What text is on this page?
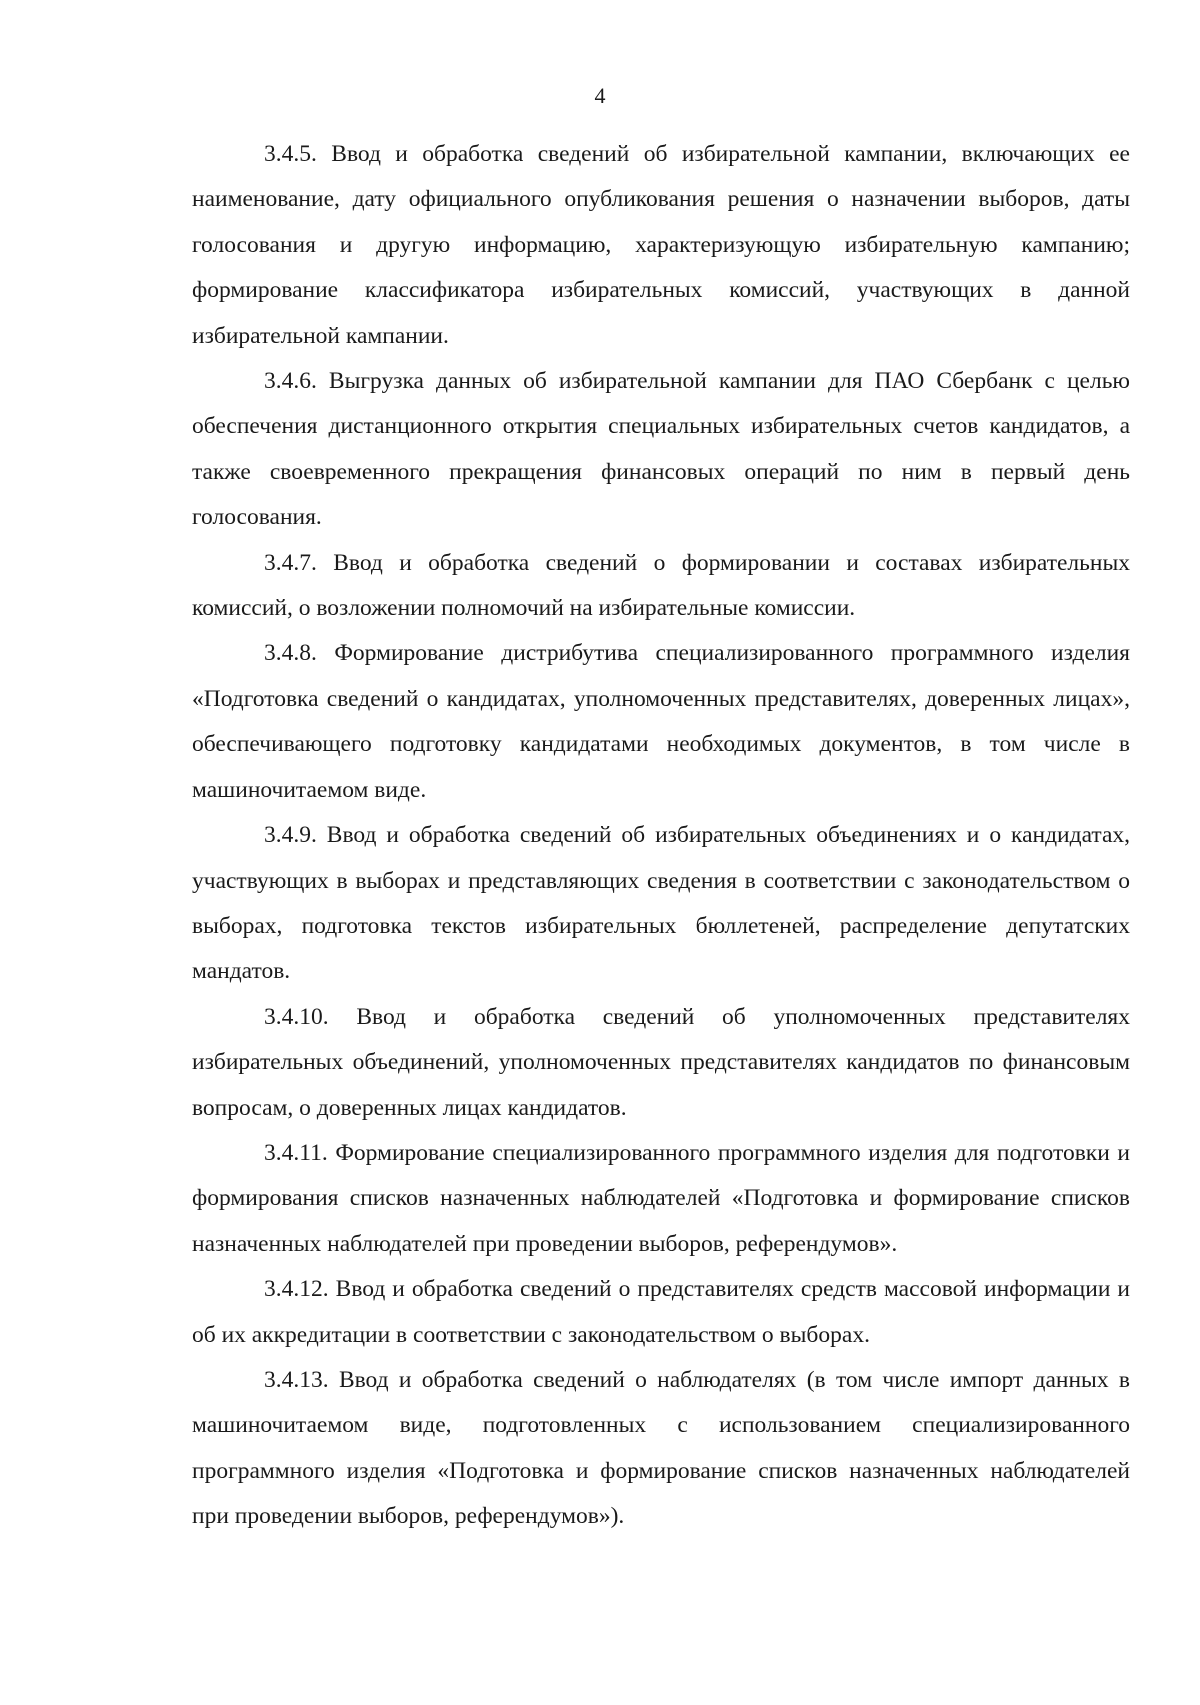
4

3.4.5. Ввод и обработка сведений об избирательной кампании, включающих ее наименование, дату официального опубликования решения о назначении выборов, даты голосования и другую информацию, характеризующую избирательную кампанию; формирование классификатора избирательных комиссий, участвующих в данной избирательной кампании.

3.4.6. Выгрузка данных об избирательной кампании для ПАО Сбербанк с целью обеспечения дистанционного открытия специальных избирательных счетов кандидатов, а также своевременного прекращения финансовых операций по ним в первый день голосования.

3.4.7. Ввод и обработка сведений о формировании и составах избирательных комиссий, о возложении полномочий на избирательные комиссии.

3.4.8. Формирование дистрибутива специализированного программного изделия «Подготовка сведений о кандидатах, уполномоченных представителях, доверенных лицах», обеспечивающего подготовку кандидатами необходимых документов, в том числе в машиночитаемом виде.

3.4.9. Ввод и обработка сведений об избирательных объединениях и о кандидатах, участвующих в выборах и представляющих сведения в соответствии с законодательством о выборах, подготовка текстов избирательных бюллетеней, распределение депутатских мандатов.

3.4.10. Ввод и обработка сведений об уполномоченных представителях избирательных объединений, уполномоченных представителях кандидатов по финансовым вопросам, о доверенных лицах кандидатов.

3.4.11. Формирование специализированного программного изделия для подготовки и формирования списков назначенных наблюдателей «Подготовка и формирование списков назначенных наблюдателей при проведении выборов, референдумов».

3.4.12. Ввод и обработка сведений о представителях средств массовой информации и об их аккредитации в соответствии с законодательством о выборах.

3.4.13. Ввод и обработка сведений о наблюдателях (в том числе импорт данных в машиночитаемом виде, подготовленных с использованием специализированного программного изделия «Подготовка и формирование списков назначенных наблюдателей при проведении выборов, референдумов»).
